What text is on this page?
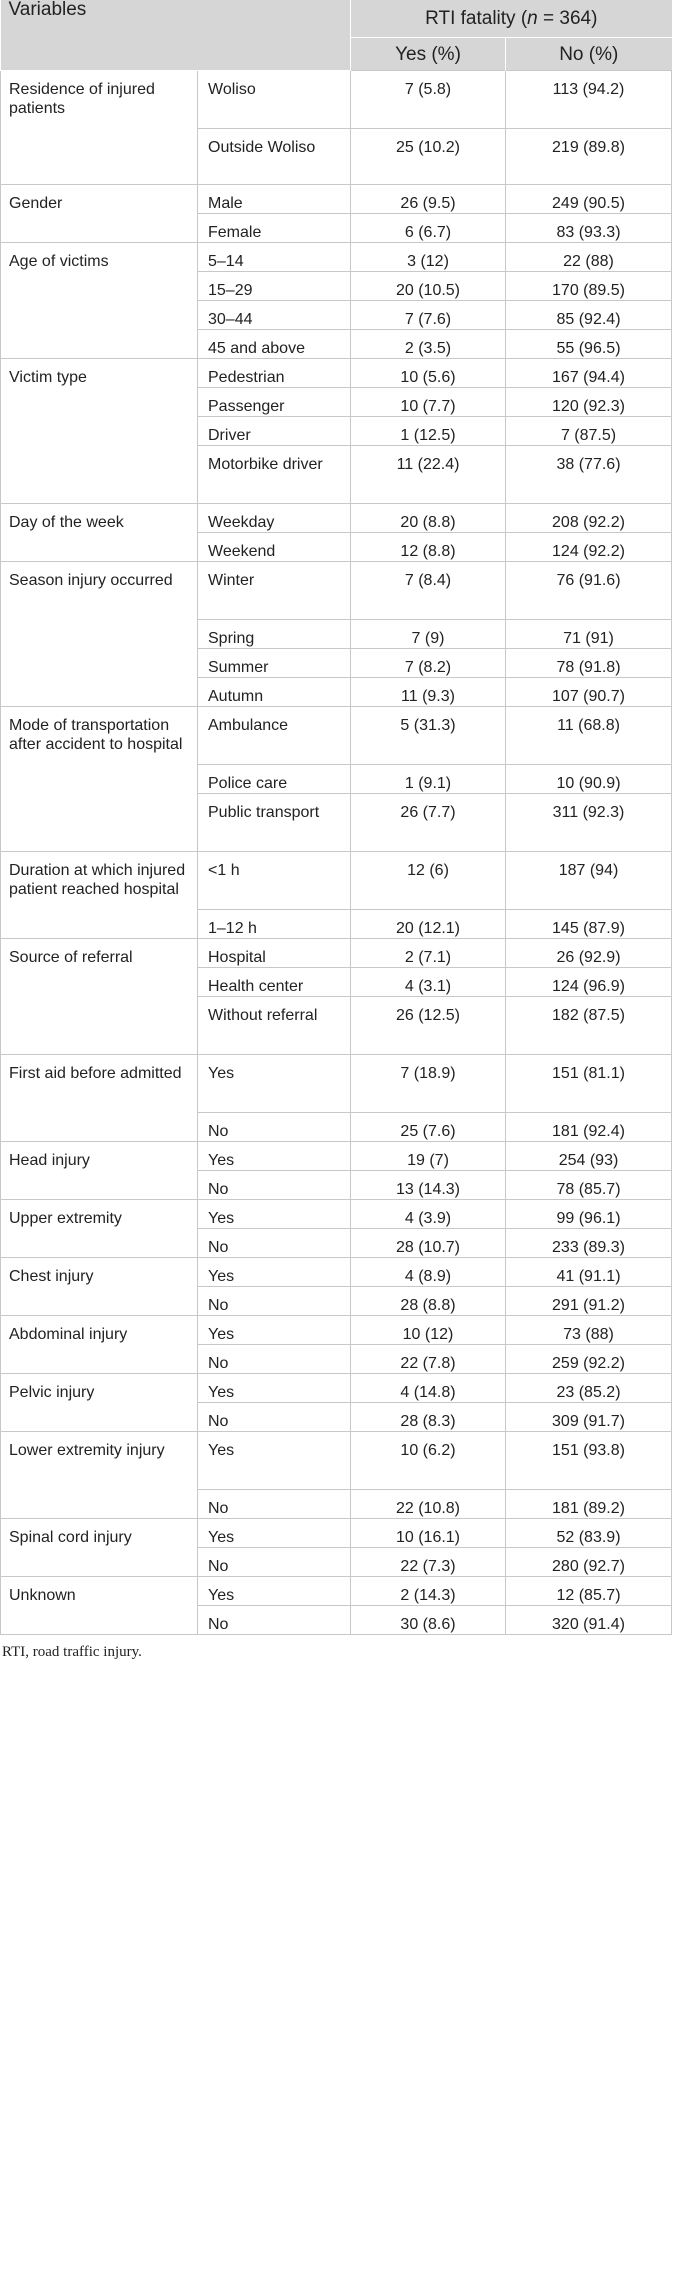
Variables		RTI fatality (n = 364)	
		Yes (%)	No (%)
Residence of injured patients	Woliso	7 (5.8)	113 (94.2)
	Outside Woliso	25 (10.2)	219 (89.8)
Gender	Male	26 (9.5)	249 (90.5)
	Female	6 (6.7)	83 (93.3)
Age of victims	5–14	3 (12)	22 (88)
	15–29	20 (10.5)	170 (89.5)
	30–44	7 (7.6)	85 (92.4)
	45 and above	2 (3.5)	55 (96.5)
Victim type	Pedestrian	10 (5.6)	167 (94.4)
	Passenger	10 (7.7)	120 (92.3)
	Driver	1 (12.5)	7 (87.5)
	Motorbike driver	11 (22.4)	38 (77.6)
Day of the week	Weekday	20 (8.8)	208 (92.2)
	Weekend	12 (8.8)	124 (92.2)
Season injury occurred	Winter	7 (8.4)	76 (91.6)
	Spring	7 (9)	71 (91)
	Summer	7 (8.2)	78 (91.8)
	Autumn	11 (9.3)	107 (90.7)
Mode of transportation after accident to hospital	Ambulance	5 (31.3)	11 (68.8)
	Police care	1 (9.1)	10 (90.9)
	Public transport	26 (7.7)	311 (92.3)
Duration at which injured patient reached hospital	<1 h	12 (6)	187 (94)
	1–12 h	20 (12.1)	145 (87.9)
Source of referral	Hospital	2 (7.1)	26 (92.9)
	Health center	4 (3.1)	124 (96.9)
	Without referral	26 (12.5)	182 (87.5)
First aid before admitted	Yes	7 (18.9)	151 (81.1)
	No	25 (7.6)	181 (92.4)
Head injury	Yes	19 (7)	254 (93)
	No	13 (14.3)	78 (85.7)
Upper extremity	Yes	4 (3.9)	99 (96.1)
	No	28 (10.7)	233 (89.3)
Chest injury	Yes	4 (8.9)	41 (91.1)
	No	28 (8.8)	291 (91.2)
Abdominal injury	Yes	10 (12)	73 (88)
	No	22 (7.8)	259 (92.2)
Pelvic injury	Yes	4 (14.8)	23 (85.2)
	No	28 (8.3)	309 (91.7)
Lower extremity injury	Yes	10 (6.2)	151 (93.8)
	No	22 (10.8)	181 (89.2)
Spinal cord injury	Yes	10 (16.1)	52 (83.9)
	No	22 (7.3)	280 (92.7)
Unknown	Yes	2 (14.3)	12 (85.7)
	No	30 (8.6)	320 (91.4)
RTI, road traffic injury.
